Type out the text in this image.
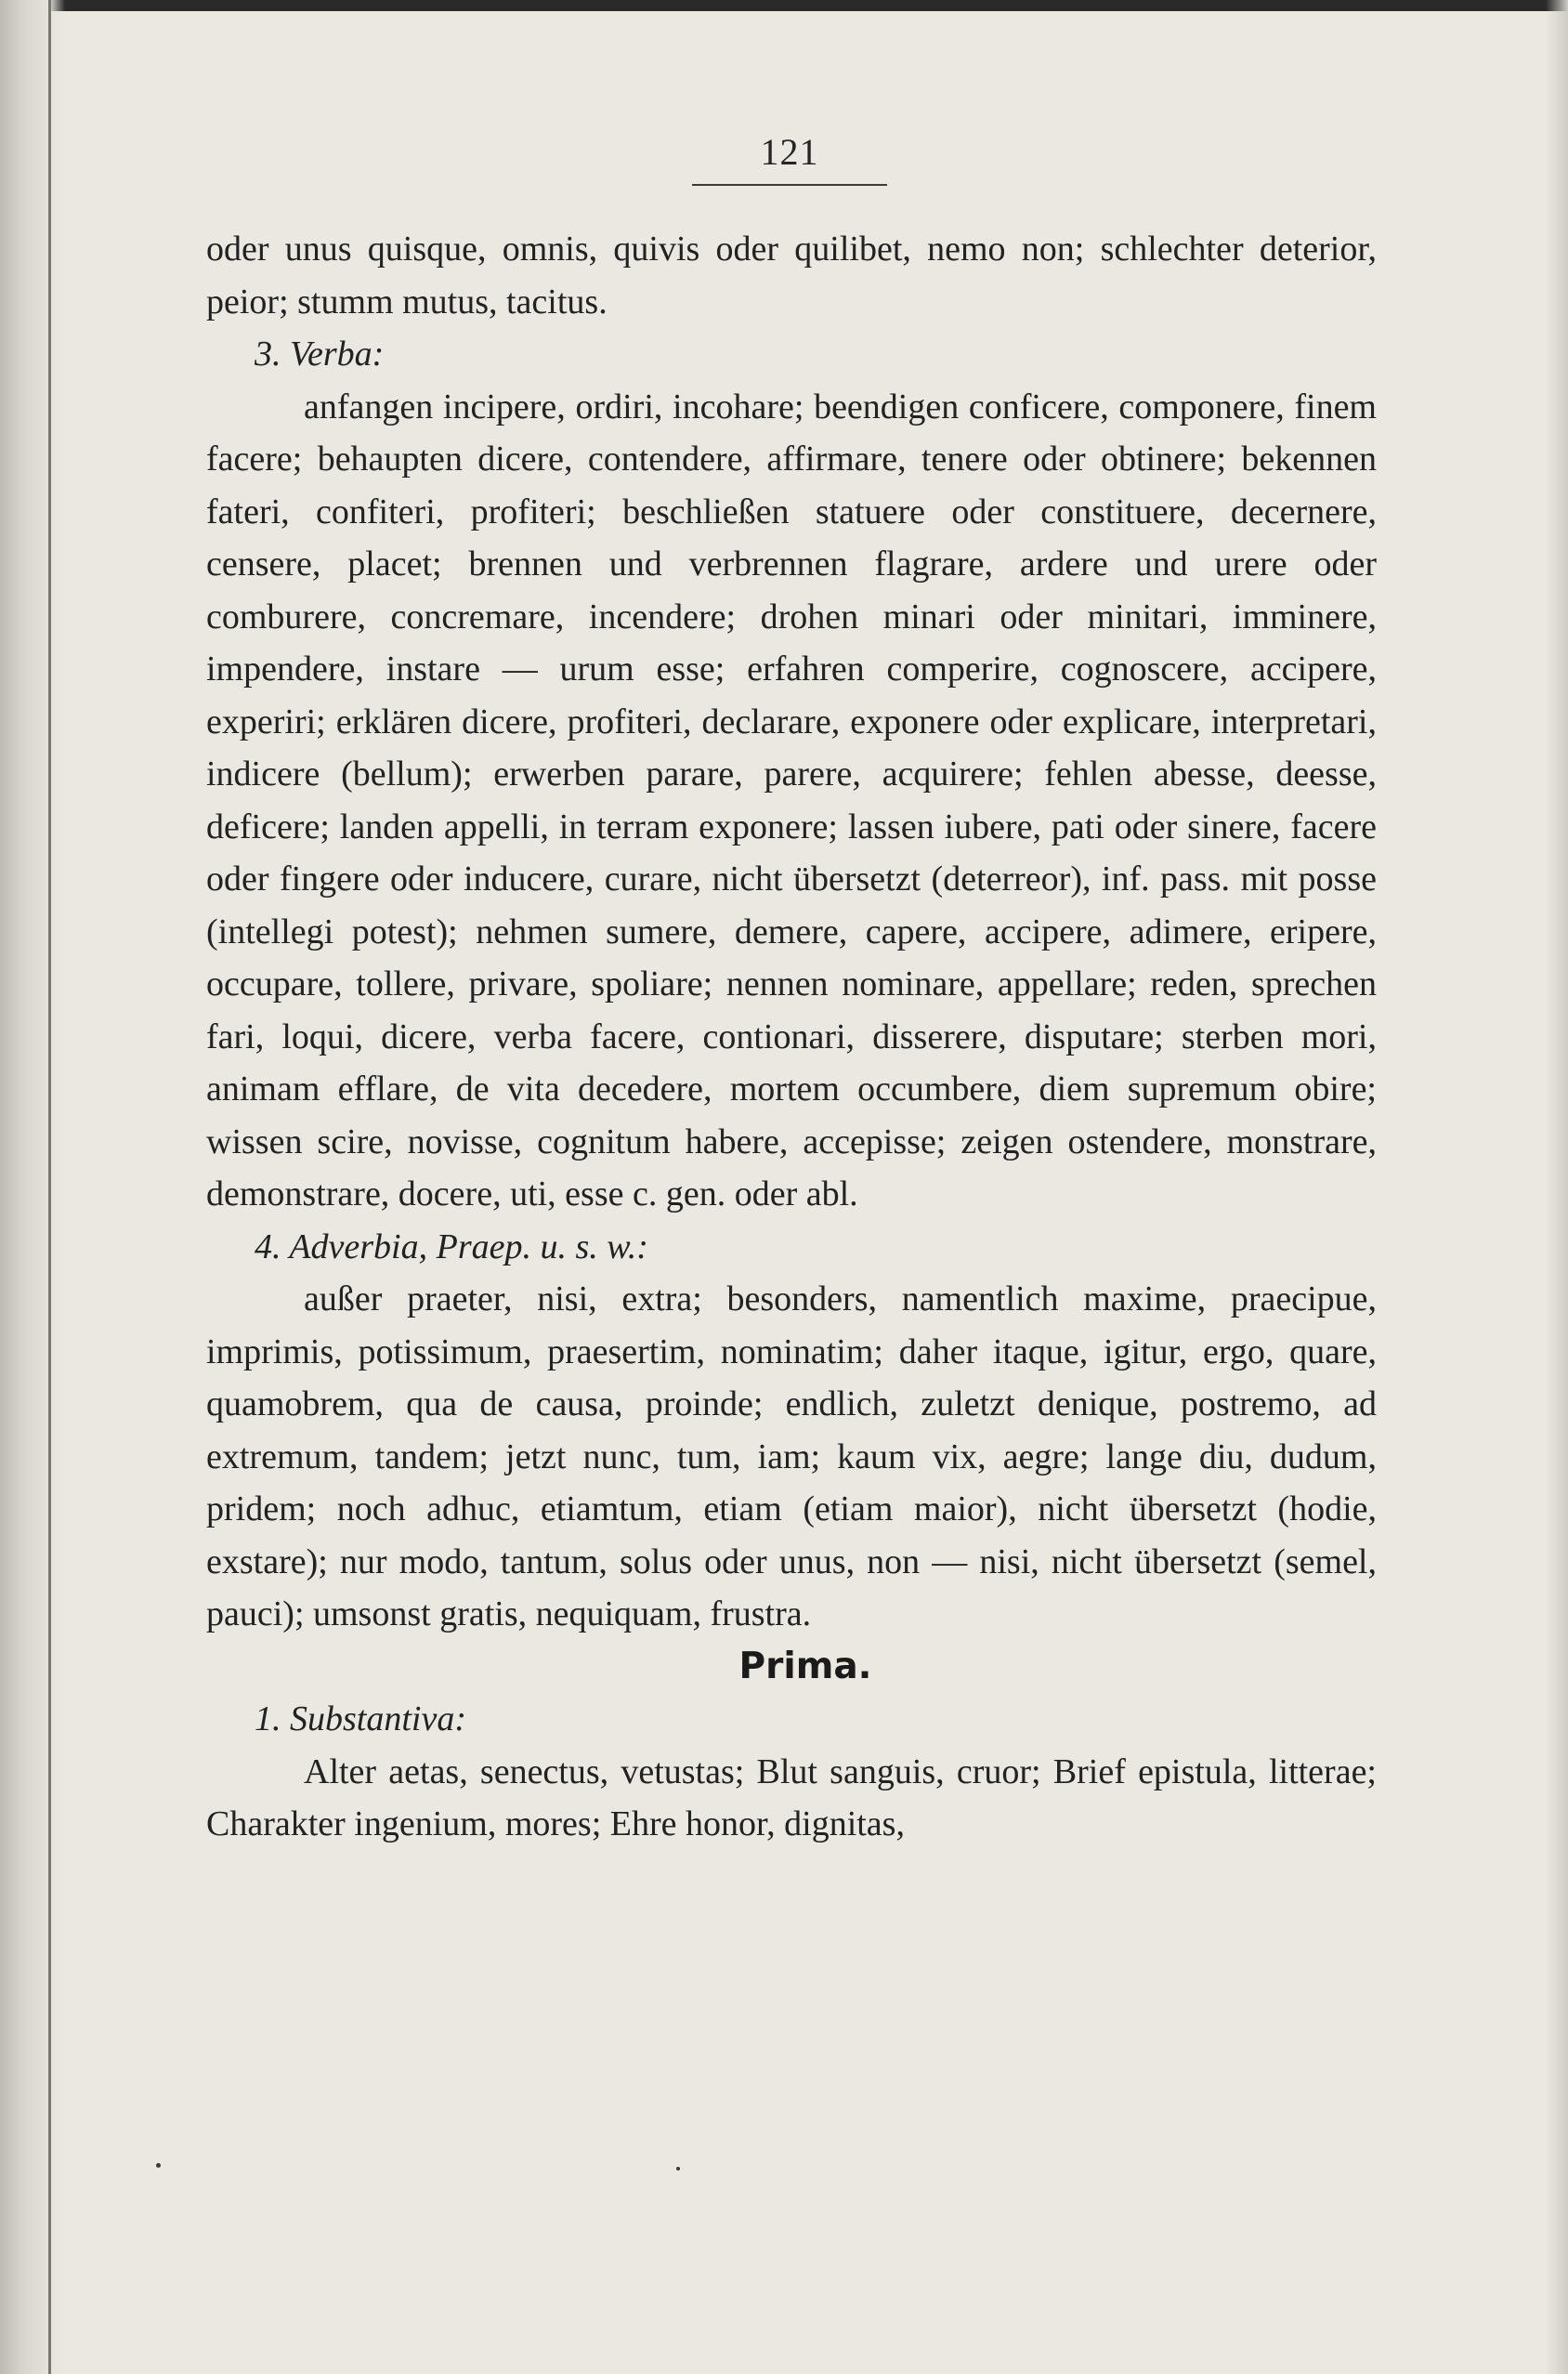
121

oder unus quisque, omnis, quivis oder quilibet, nemo non; schlechter deterior, peior; stumm mutus, tacitus.

3. Verba:

anfangen incipere, ordiri, incohare; beendigen conficere, componere, finem facere; behaupten dicere, contendere, affirmare, tenere oder obtinere; bekennen fateri, confiteri, profiteri; beschließen statuere oder constituere, decernere, censere, placet; brennen und verbrennen flagrare, ardere und urere oder comburere, concremare, incendere; drohen minari oder minitari, imminere, impendere, instare — urum esse; erfahren comperire, cognoscere, accipere, experiri; erklären dicere, profiteri, declarare, exponere oder explicare, interpretari, indicere (bellum); erwerben parare, parere, acquirere; fehlen abesse, deesse, deficere; landen appelli, in terram exponere; lassen iubere, pati oder sinere, facere oder fingere oder inducere, curare, nicht übersetzt (deterreor), inf. pass. mit posse (intellegi potest); nehmen sumere, demere, capere, accipere, adimere, eripere, occupare, tollere, privare, spoliare; nennen nominare, appellare; reden, sprechen fari, loqui, dicere, verba facere, contionari, disserere, disputare; sterben mori, animam efflare, de vita decedere, mortem occumbere, diem supremum obire; wissen scire, novisse, cognitum habere, accepisse; zeigen ostendere, monstrare, demonstrare, docere, uti, esse c. gen. oder abl.

4. Adverbia, Praep. u. s. w.:

außer praeter, nisi, extra; besonders, namentlich maxime, praecipue, imprimis, potissimum, praesertim, nominatim; daher itaque, igitur, ergo, quare, quamobrem, qua de causa, proinde; endlich, zuletzt denique, postremo, ad extremum, tandem; jetzt nunc, tum, iam; kaum vix, aegre; lange diu, dudum, pridem; noch adhuc, etiamtum, etiam (etiam maior), nicht übersetzt (hodie, exstare); nur modo, tantum, solus oder unus, non — nisi, nicht übersetzt (semel, pauci); umsonst gratis, nequiquam, frustra.

Prima.

1. Substantiva:

Alter aetas, senectus, vetustas; Blut sanguis, cruor; Brief epistula, litterae; Charakter ingenium, mores; Ehre honor, dignitas,
